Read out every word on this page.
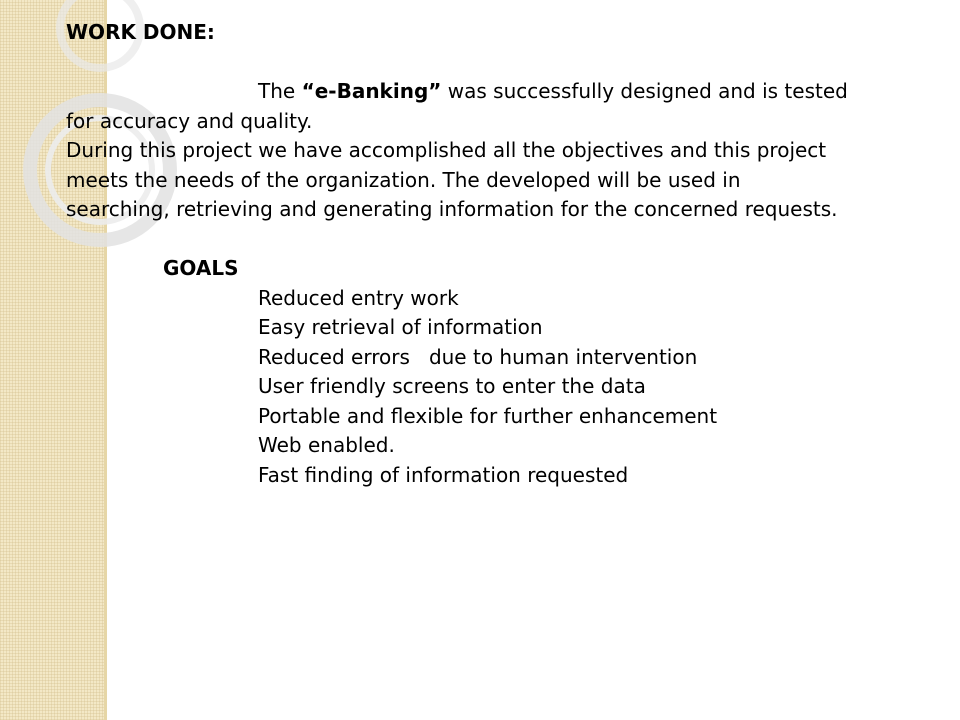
WORK DONE:
The “e-Banking” was successfully designed and is tested
for accuracy and quality.
During this project we have accomplished all the objectives and this project
meets the needs of the organization. The developed will be used in
searching, retrieving and generating information for the concerned requests.
GOALS
Reduced entry work
Easy retrieval of information
Reduced errors   due to human intervention
User friendly screens to enter the data
Portable and flexible for further enhancement
Web enabled.
Fast finding of information requested
